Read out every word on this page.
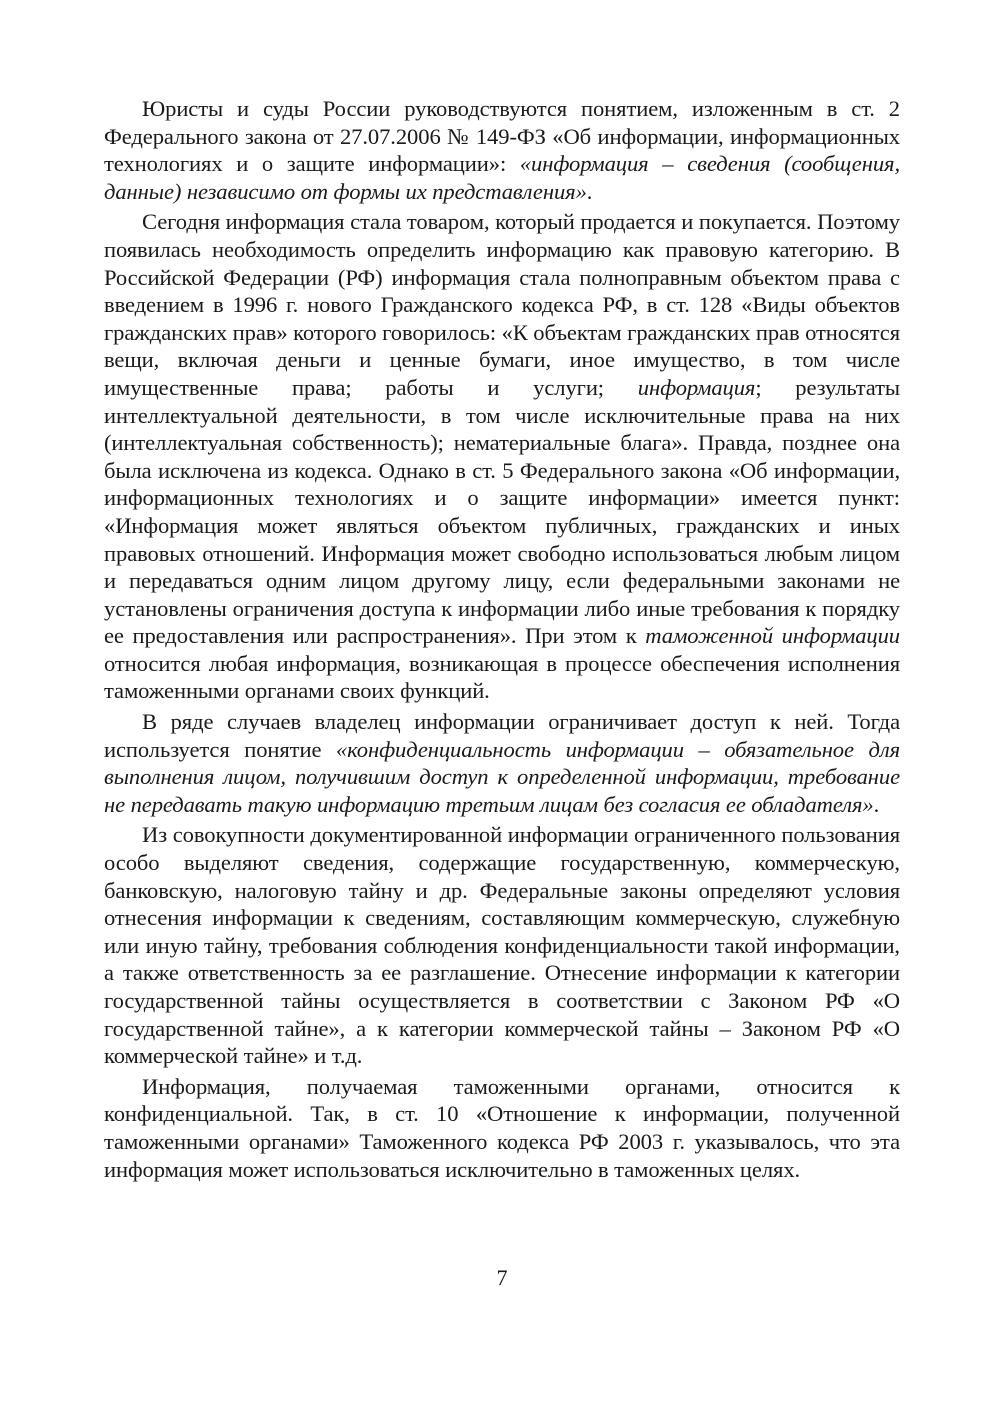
Юристы и суды России руководствуются понятием, изложенным в ст. 2 Федерального закона от 27.07.2006 № 149-ФЗ «Об информации, информационных технологиях и о защите информации»: «информация – сведения (сообщения, данные) независимо от формы их представления».

Сегодня информация стала товаром, который продается и покупается. Поэтому появилась необходимость определить информацию как правовую категорию. В Российской Федерации (РФ) информация стала полноправным объектом права с введением в 1996 г. нового Гражданского кодекса РФ, в ст. 128 «Виды объектов гражданских прав» которого говорилось: «К объектам гражданских прав относятся вещи, включая деньги и ценные бумаги, иное имущество, в том числе имущественные права; работы и услуги; информация; результаты интеллектуальной деятельности, в том числе исключительные права на них (интеллектуальная собственность); нематериальные блага». Правда, позднее она была исключена из кодекса. Однако в ст. 5 Федерального закона «Об информации, информационных технологиях и о защите информации» имеется пункт: «Информация может являться объектом публичных, гражданских и иных правовых отношений. Информация может свободно использоваться любым лицом и передаваться одним лицом другому лицу, если федеральными законами не установлены ограничения доступа к информации либо иные требования к порядку ее предоставления или распространения». При этом к таможенной информации относится любая информация, возникающая в процессе обеспечения исполнения таможенными органами своих функций.

В ряде случаев владелец информации ограничивает доступ к ней. Тогда используется понятие «конфиденциальность информации – обязательное для выполнения лицом, получившим доступ к определенной информации, требование не передавать такую информацию третьим лицам без согласия ее обладателя».

Из совокупности документированной информации ограниченного пользования особо выделяют сведения, содержащие государственную, коммерческую, банковскую, налоговую тайну и др. Федеральные законы определяют условия отнесения информации к сведениям, составляющим коммерческую, служебную или иную тайну, требования соблюдения конфиденциальности такой информации, а также ответственность за ее разглашение. Отнесение информации к категории государственной тайны осуществляется в соответствии с Законом РФ «О государственной тайне», а к категории коммерческой тайны – Законом РФ «О коммерческой тайне» и т.д.

Информация, получаемая таможенными органами, относится к конфиденциальной. Так, в ст. 10 «Отношение к информации, полученной таможенными органами» Таможенного кодекса РФ 2003 г. указывалось, что эта информация может использоваться исключительно в таможенных целях.

7
